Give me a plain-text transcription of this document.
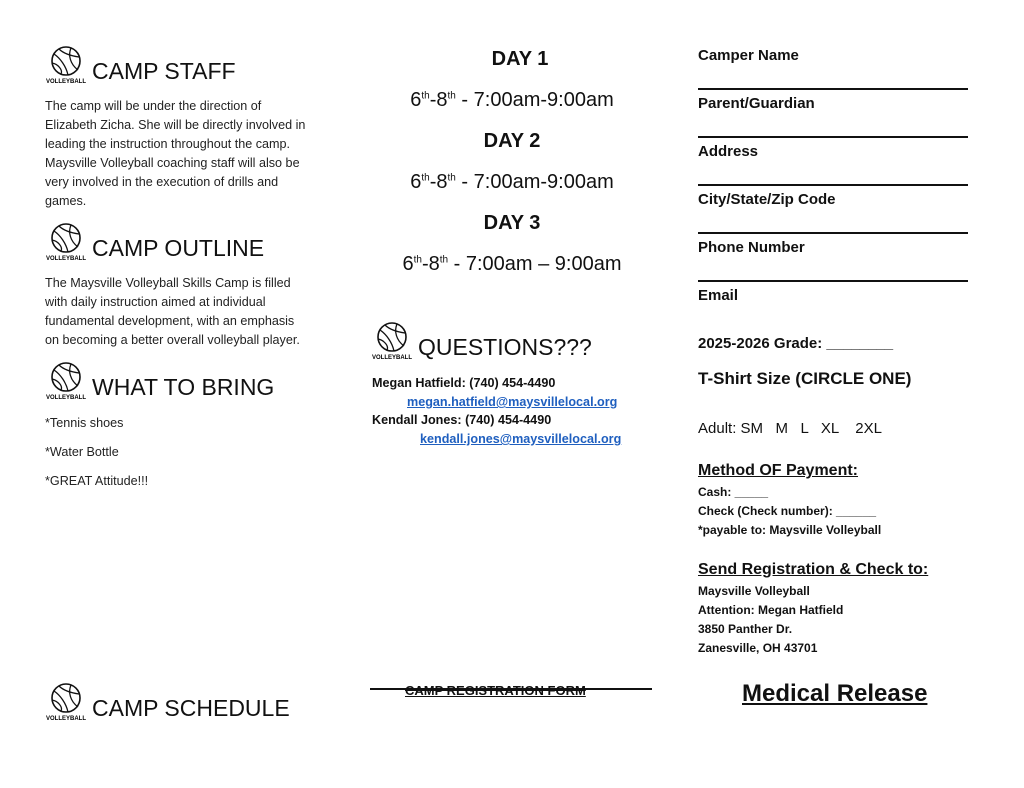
VOLLEYBALL CAMP STAFF
The camp will be under the direction of
Elizabeth Zicha. She will be directly involved in
leading the instruction throughout the camp.
Maysville Volleyball coaching staff will also be
very involved in the execution of drills and
games.
VOLLEYBALL CAMP OUTLINE
The Maysville Volleyball Skills Camp is filled
with daily instruction aimed at individual
fundamental development, with an emphasis
on becoming a better overall volleyball player.
VOLLEYBALL WHAT TO BRING
*Tennis shoes
*Water Bottle
*GREAT Attitude!!!
VOLLEYBALL CAMP SCHEDULE
DAY 1
6th-8th - 7:00am-9:00am
DAY 2
6th-8th - 7:00am-9:00am
DAY 3
6th-8th - 7:00am – 9:00am
VOLLEYBALL QUESTIONS???
Megan Hatfield: (740) 454-4490
megan.hatfield@maysvillelocal.org
Kendall Jones: (740) 454-4490
kendall.jones@maysvillelocal.org
CAMP REGISTRATION FORM
Camper Name
Parent/Guardian
Address
City/State/Zip Code
Phone Number
Email
2025-2026 Grade: ________
T-Shirt Size (CIRCLE ONE)
Adult: SM   M   L   XL    2XL
Method OF Payment:
Cash: _____
Check (Check number): ______
*payable to: Maysville Volleyball
Send Registration & Check to:
Maysville Volleyball
Attention: Megan Hatfield
3850 Panther Dr.
Zanesville, OH 43701
Medical Release
